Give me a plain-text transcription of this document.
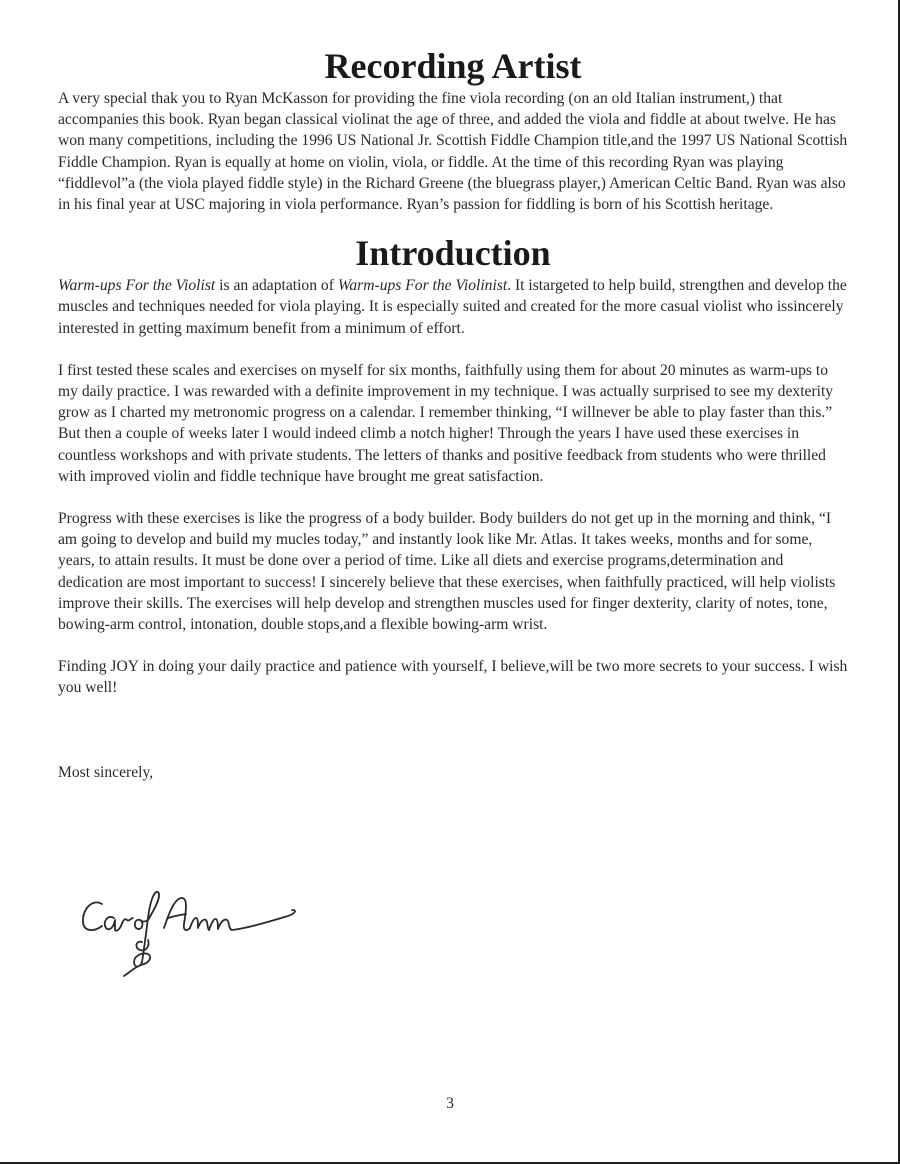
Recording Artist

A very special thak you to Ryan McKasson for providing the fine viola recording (on an old Italian instrument,) that accompanies this book. Ryan began classical violinat the age of three, and added the viola and fiddle at about twelve. He has won many competitions, including the 1996 US National Jr. Scottish Fiddle Champion title,and the 1997 US National Scottish Fiddle Champion. Ryan is equally at home on violin, viola, or fiddle. At the time of this recording Ryan was playing “fiddlevol”a (the viola played fiddle style) in the Richard Greene (the bluegrass player,) American Celtic Band. Ryan was also in his final year at USC majoring in viola performance. Ryan’s passion for fiddling is born of his Scottish heritage.

Introduction

Warm-ups For the Violist is an adaptation of Warm-ups For the Violinist. It istargeted to help build, strengthen and develop the muscles and techniques needed for viola playing. It is especially suited and created for the more casual violist who issincerely interested in getting maximum benefit from a minimum of effort.

I first tested these scales and exercises on myself for six months, faithfully using them for about 20 minutes as warm-ups to my daily practice. I was rewarded with a definite improvement in my technique. I was actually surprised to see my dexterity grow as I charted my metronomic progress on a calendar. I remember thinking, “I willnever be able to play faster than this.” But then a couple of weeks later I would indeed climb a notch higher! Through the years I have used these exercises in countless workshops and with private students. The letters of thanks and positive feedback from students who were thrilled with improved violin and fiddle technique have brought me great satisfaction.

Progress with these exercises is like the progress of a body builder. Body builders do not get up in the morning and think, “I am going to develop and build my mucles today,” and instantly look like Mr. Atlas. It takes weeks, months and for some, years, to attain results. It must be done over a period of time. Like all diets and exercise programs,determination and dedication are most important to success! I sincerely believe that these exercises, when faithfully practiced, will help violists improve their skills. The exercises will help develop and strengthen muscles used for finger dexterity, clarity of notes, tone, bowing-arm control, intonation, double stops,and a flexible bowing-arm wrist.

Finding JOY in doing your daily practice and patience with yourself, I believe,will be two more secrets to your success. I wish you well!

Most sincerely,

3
